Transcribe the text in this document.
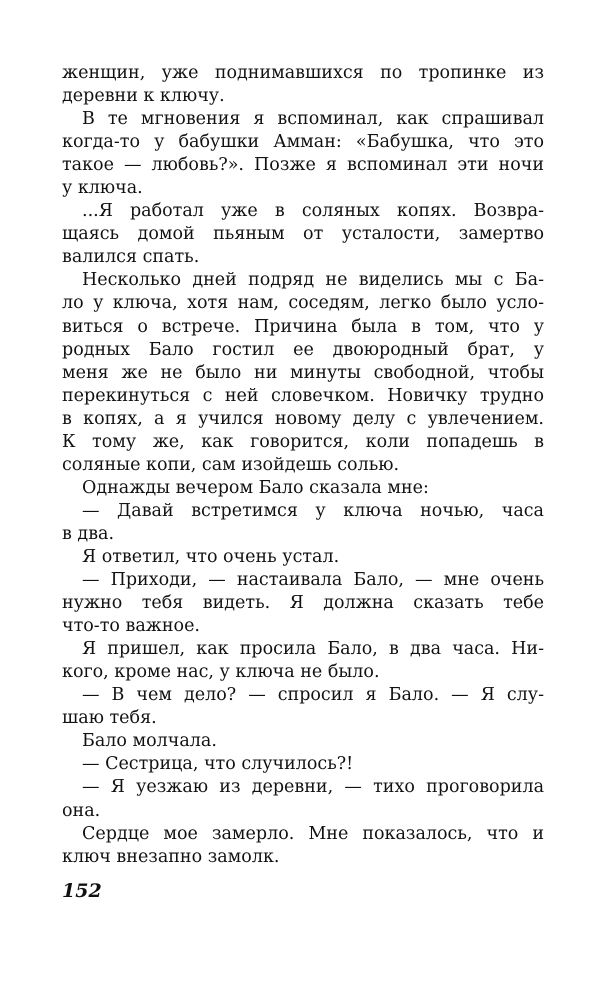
женщин, уже поднимавшихся по тропинке из
деревни к ключу.
В те мгновения я вспоминал, как спрашивал
когда-то у бабушки Амман: «Бабушка, что это
такое — любовь?». Позже я вспоминал эти ночи
у ключа.
...Я работал уже в соляных копях. Возвра-
щаясь домой пьяным от усталости, замертво
валился спать.
Несколько дней подряд не виделись мы с Ба-
ло у ключа, хотя нам, соседям, легко было усло-
виться о встрече. Причина была в том, что у
родных Бало гостил ее двоюродный брат, у
меня же не было ни минуты свободной, чтобы
перекинуться с ней словечком. Новичку трудно
в копях, а я учился новому делу с увлечением.
К тому же, как говорится, коли попадешь в
соляные копи, сам изойдешь солью.
Однажды вечером Бало сказала мне:
— Давай встретимся у ключа ночью, часа
в два.
Я ответил, что очень устал.
— Приходи, — настаивала Бало, — мне очень
нужно тебя видеть. Я должна сказать тебе
что-то важное.
Я пришел, как просила Бало, в два часа. Ни-
кого, кроме нас, у ключа не было.
— В чем дело? — спросил я Бало. — Я слу-
шаю тебя.
Бало молчала.
— Сестрица, что случилось?!
— Я уезжаю из деревни, — тихо проговорила
она.
Сердце мое замерло. Мне показалось, что и
ключ внезапно замолк.
152
